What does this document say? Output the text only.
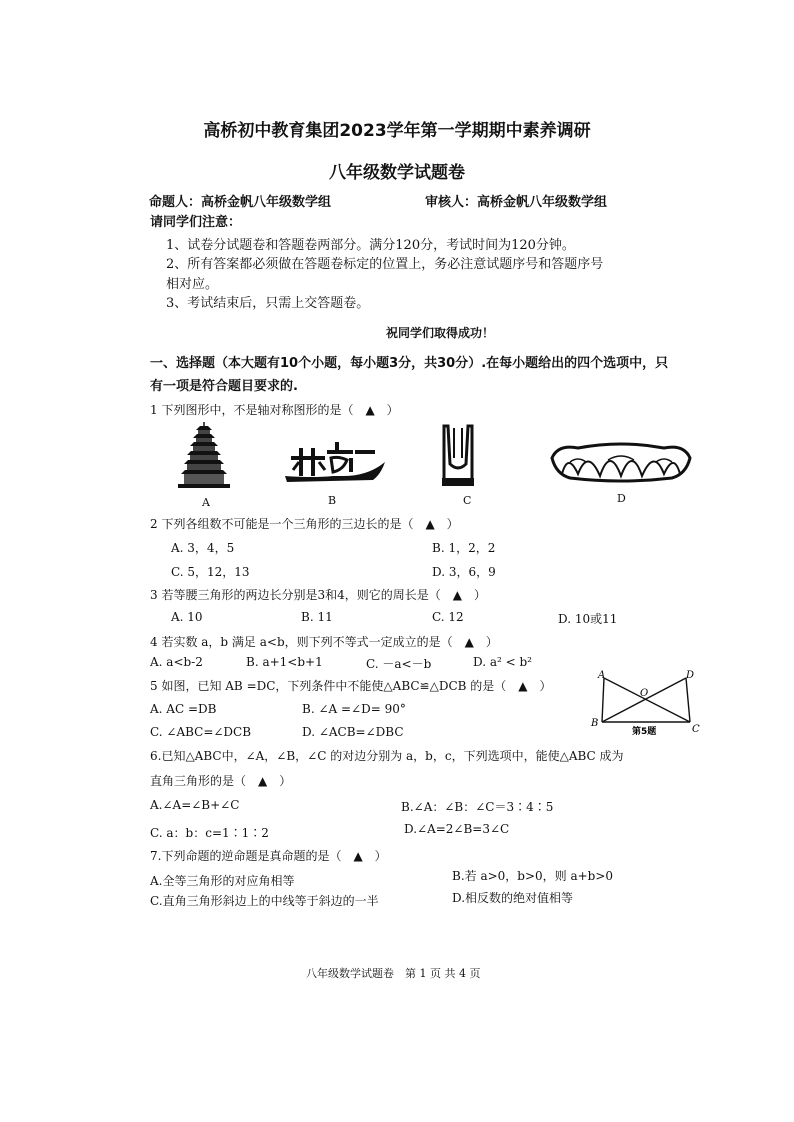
高桥初中教育集团2023学年第一学期期中素养调研
八年级数学试题卷
命题人：高桥金帆八年级数学组	审核人：高桥金帆八年级数学组
请同学们注意：
1、试卷分试题卷和答题卷两部分。满分120分，考试时间为120分钟。
2、所有答案都必须做在答题卷标定的位置上，务必注意试题序号和答题序号
相对应。
3、考试结束后，只需上交答题卷。
祝同学们取得成功！
一、选择题（本大题有10个小题，每小题3分，共30分）.在每小题给出的四个选项中，只
有一项是符合题目要求的.
1 下列图形中，不是轴对称图形的是（　▲　）
A	B	C	D
2 下列各组数不可能是一个三角形的三边长的是（　▲　）
A. 3，4，5	B. 1，2，2
C. 5，12，13	D. 3，6，9
3 若等腰三角形的两边长分别是3和4，则它的周长是（　▲　）
A. 10	B. 11	C. 12	D. 10或11
4 若实数 a，b 满足 a<b，则下列不等式一定成立的是（　▲　）
A. a<b-2	B. a+1<b+1	C. －a<－b	D. a² < b²
5 如图，已知 AB =DC，下列条件中不能使△ABC≌△DCB 的是（　▲　）
A. AC =DB	B. ∠A =∠D= 90°
C. ∠ABC=∠DCB	D. ∠ACB=∠DBC
A	D
O
B
C
第5题
6.已知△ABC中，∠A，∠B，∠C 的对边分别为 a，b，c，下列选项中，能使△ABC 成为
直角三角形的是（　▲　）
A.∠A=∠B+∠C	B.∠A：∠B：∠C＝3∶4∶5
C. a：b：c=1∶1∶2	D.∠A=2∠B=3∠C
7.下列命题的逆命题是真命题的是（　▲　）
A.全等三角形的对应角相等	B.若 a>0，b>0，则 a+b>0
C.直角三角形斜边上的中线等于斜边的一半	D.相反数的绝对值相等
八年级数学试题卷　第 1 页 共 4 页
